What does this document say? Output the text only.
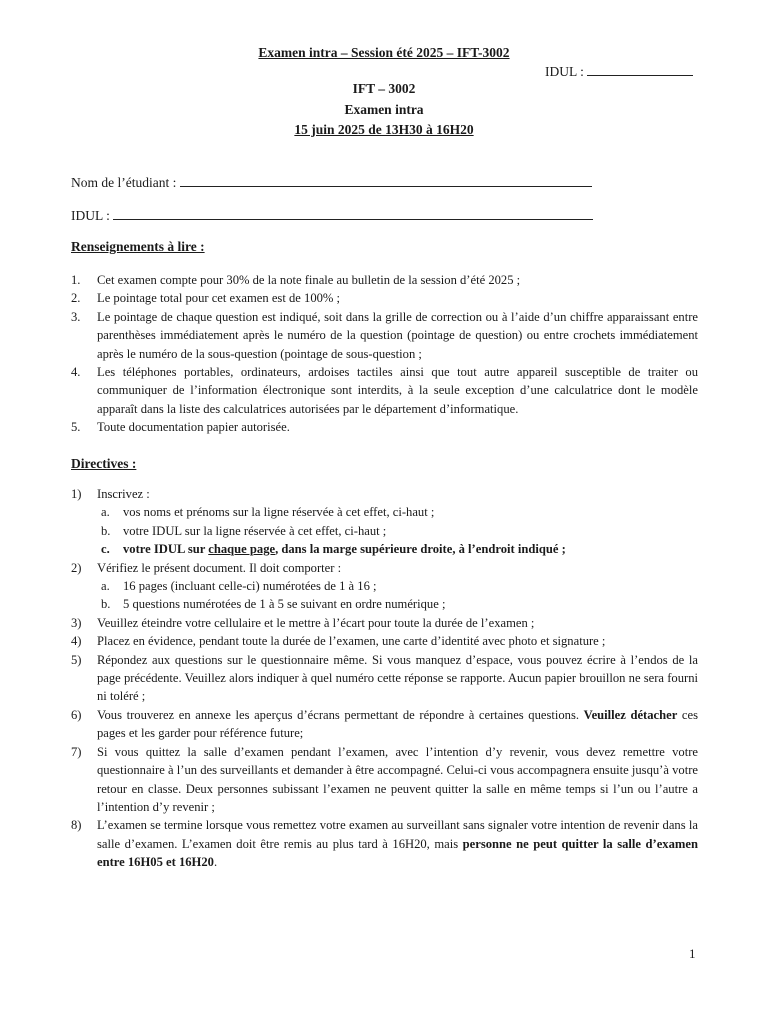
Examen intra – Session été 2025 – IFT-3002
IDUL :
IFT – 3002
Examen intra
15 juin 2025 de 13H30 à 16H20
Nom de l’étudiant :
IDUL :
Renseignements à lire :
1. Cet examen compte pour 30% de la note finale au bulletin de la session d’été 2025 ;
2. Le pointage total pour cet examen est de 100% ;
3. Le pointage de chaque question est indiqué, soit dans la grille de correction ou à l’aide d’un chiffre apparaissant entre parenthèses immédiatement après le numéro de la question (pointage de question) ou entre crochets immédiatement après le numéro de la sous-question (pointage de sous-question ;
4. Les téléphones portables, ordinateurs, ardoises tactiles ainsi que tout autre appareil susceptible de traiter ou communiquer de l’information électronique sont interdits, à la seule exception d’une calculatrice dont le modèle apparaît dans la liste des calculatrices autorisées par le département d’informatique.
5. Toute documentation papier autorisée.
Directives :
1) Inscrivez :
a. vos noms et prénoms sur la ligne réservée à cet effet, ci-haut ;
b. votre IDUL sur la ligne réservée à cet effet, ci-haut ;
c. votre IDUL sur chaque page, dans la marge supérieure droite, à l’endroit indiqué ;
2) Vérifiez le présent document. Il doit comporter :
a. 16 pages (incluant celle-ci) numérotées de 1 à 16 ;
b. 5 questions numérotées de 1 à 5 se suivant en ordre numérique ;
3) Veuillez éteindre votre cellulaire et le mettre à l’écart pour toute la durée de l’examen ;
4) Placez en évidence, pendant toute la durée de l’examen, une carte d’identité avec photo et signature ;
5) Répondez aux questions sur le questionnaire même. Si vous manquez d’espace, vous pouvez écrire à l’endos de la page précédente. Veuillez alors indiquer à quel numéro cette réponse se rapporte. Aucun papier brouillon ne sera fourni ni toléré ;
6) Vous trouverez en annexe les aperçus d’écrans permettant de répondre à certaines questions. Veuillez détacher ces pages et les garder pour référence future;
7) Si vous quittez la salle d’examen pendant l’examen, avec l’intention d’y revenir, vous devez remettre votre questionnaire à l’un des surveillants et demander à être accompagné. Celui-ci vous accompagnera ensuite jusqu’à votre retour en classe. Deux personnes subissant l’examen ne peuvent quitter la salle en même temps si l’un ou l’autre a l’intention d’y revenir ;
8) L’examen se termine lorsque vous remettez votre examen au surveillant sans signaler votre intention de revenir dans la salle d’examen. L’examen doit être remis au plus tard à 16H20, mais personne ne peut quitter la salle d’examen entre 16H05 et 16H20.
1
